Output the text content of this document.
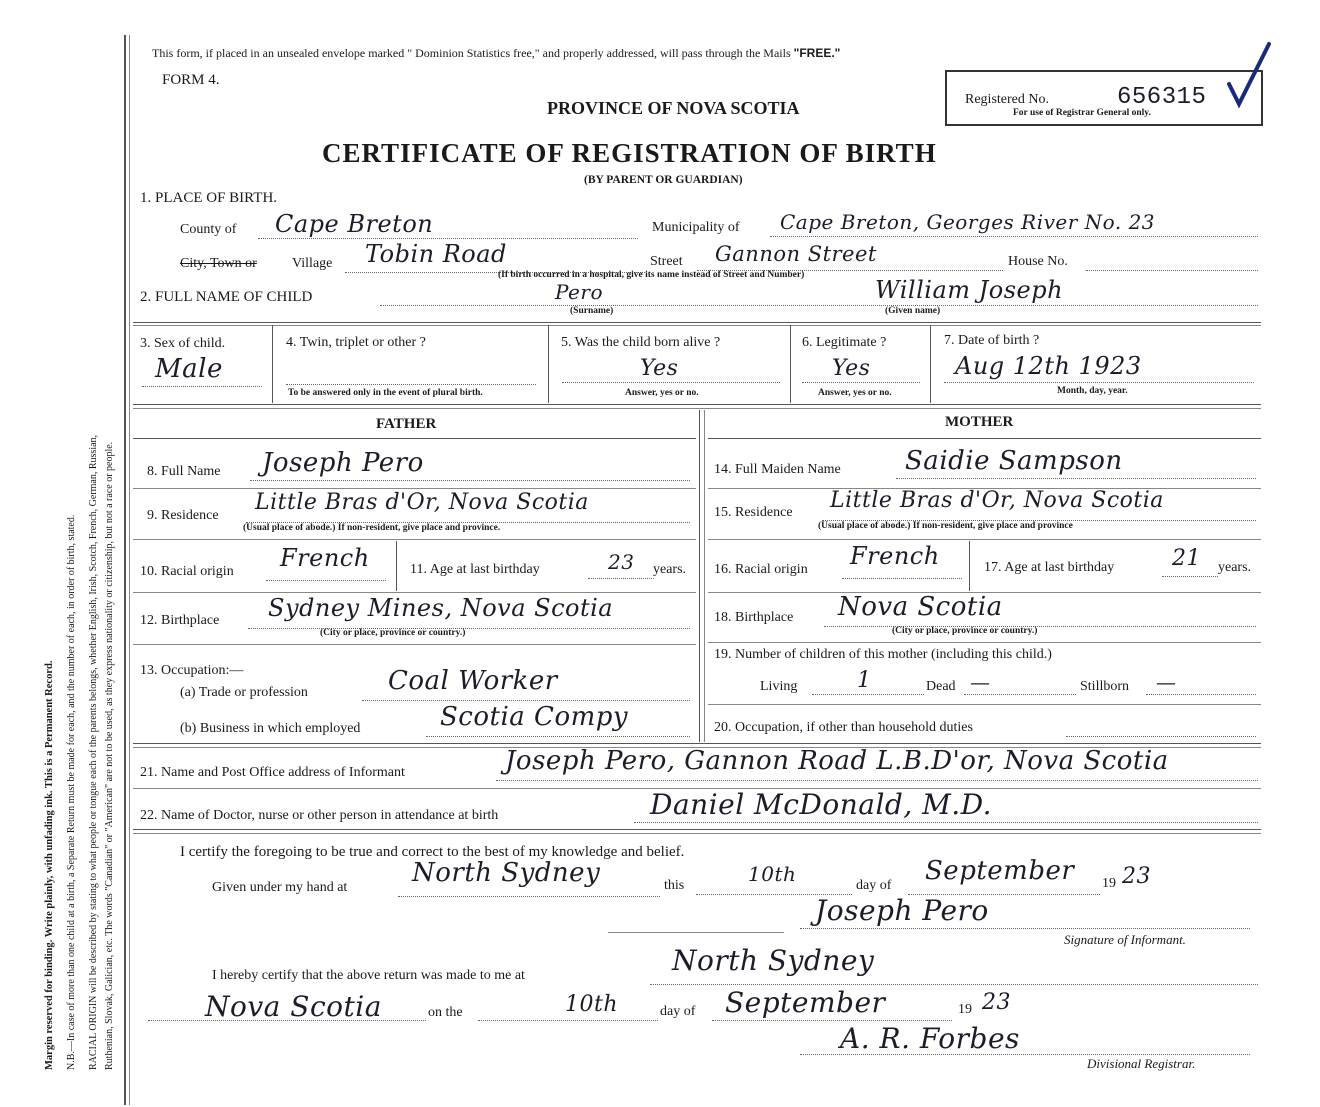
Margin reserved for binding. Write plainly, with unfading ink. This is a Permanent Record. N.B.—In case of more than one child at a birth, a Separate Return must be made for each, and the number of each, in order of birth, stated. RACIAL ORIGIN will be described by stating to what people or tongue each of the parents belongs, whether English, Irish, Scotch, French, German, Russian, Ruthenian, Slovak, Galician, etc. The words "Canadian" or "American" are not to be used, as they express nationality or citizenship, but not a race or people.
This form, if placed in an unsealed envelope marked " Dominion Statistics free," and properly addressed, will pass through the Mails "FREE."
FORM 4.
PROVINCE OF NOVA SCOTIA
CERTIFICATE OF REGISTRATION OF BIRTH
(BY PARENT OR GUARDIAN)
Registered No.	656315
For use of Registrar General only.
1. PLACE OF BIRTH.
County of Cape Breton	Municipality of Cape Breton, Georges River No. 23
City, Town or	Village Tobin Road	Street Gannon Street	House No.
(If birth occurred in a hospital, give its name instead of Street and Number)
2. FULL NAME OF CHILD	Pero
(Surname)
William Joseph
(Given name)
3. Sex of child.
Male
4. Twin, triplet or other ?
To be answered only in the event of plural birth.
5. Was the child born alive ?
Yes
Answer, yes or no.
6. Legitimate ?
Yes
Answer, yes or no.
7. Date of birth ?
Aug 12th 1923
Month, day, year.
FATHER	MOTHER
8. Full Name Joseph Pero	14. Full Maiden Name Saidie Sampson
9. Residence
Little Bras d'Or, Nova Scotia
(Usual place of abode.) If non-resident, give place and province.
15. Residence Little Bras d'Or, Nova Scotia
(Usual place of abode.) If non-resident, give place and province
10. Racial origin French	11. Age at last birthday	23 years. 16. Racial origin French	17. Age at last birthday	21 years.
12. Birthplace Sydney Mines, Nova Scotia
(City or place, province or country.)
18. Birthplace Nova Scotia
(City or place, province or country.)
13. Occupation:—
(a) Trade or profession	Coal Worker
(b) Business in which employed	Scotia Compy
19. Number of children of this mother (including this child.)
Living	1	Dead —	Stillborn —
20. Occupation, if other than household duties
21. Name and Post Office address of Informant	Joseph Pero, Gannon Road L.B.D'or, Nova Scotia
22. Name of Doctor, nurse or other person in attendance at birth	Daniel McDonald, M.D.
I certify the foregoing to be true and correct to the best of my knowledge and belief.
Given under my hand at North Sydney	this	10th	day of September 19 23
Joseph Pero
Signature of Informant.
I hereby certify that the above return was made to me at	North Sydney
Nova Scotia	on the	10th	day of September	19 23
A. R. Forbes
Divisional Registrar.
